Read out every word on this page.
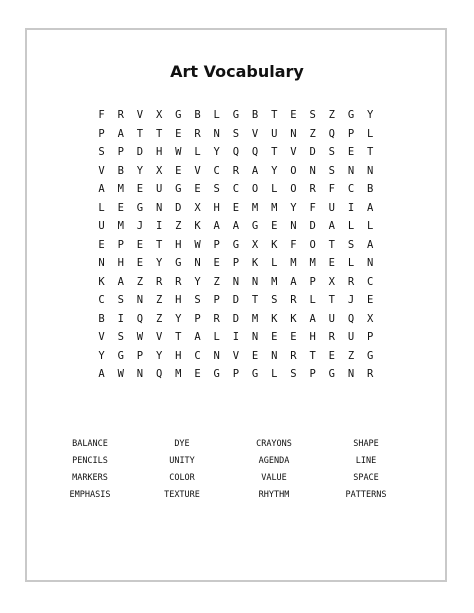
Art Vocabulary
F	R	V	X	G	B	L	G	B	T	E	S	Z	G	Y
P	A	T	T	E	R	N	S	V	U	N	Z	Q	P	L
S	P	D	H	W	L	Y	Q	Q	T	V	D	S	E	T
V	B	Y	X	E	V	C	R	A	Y	O	N	S	N	N
A	M	E	U	G	E	S	C	O	L	O	R	F	C	B
L	E	G	N	D	X	H	E	M	M	Y	F	U	I	A
U	M	J	I	Z	K	A	A	G	E	N	D	A	L	L
E	P	E	T	H	W	P	G	X	K	F	O	T	S	A
N	H	E	Y	G	N	E	P	K	L	M	M	E	L	N
K	A	Z	R	R	Y	Z	N	N	M	A	P	X	R	C
C	S	N	Z	H	S	P	D	T	S	R	L	T	J	E
B	I	Q	Z	Y	P	R	D	M	K	K	A	U	Q	X
V	S	W	V	T	A	L	I	N	E	E	H	R	U	P
Y	G	P	Y	H	C	N	V	E	N	R	T	E	Z	G
A	W	N	Q	M	E	G	P	G	L	S	P	G	N	R
BALANCE	DYE	CRAYONS	SHAPE
PENCILS	UNITY	AGENDA	LINE
MARKERS	COLOR	VALUE	SPACE
EMPHASIS	TEXTURE	RHYTHM	PATTERNS
